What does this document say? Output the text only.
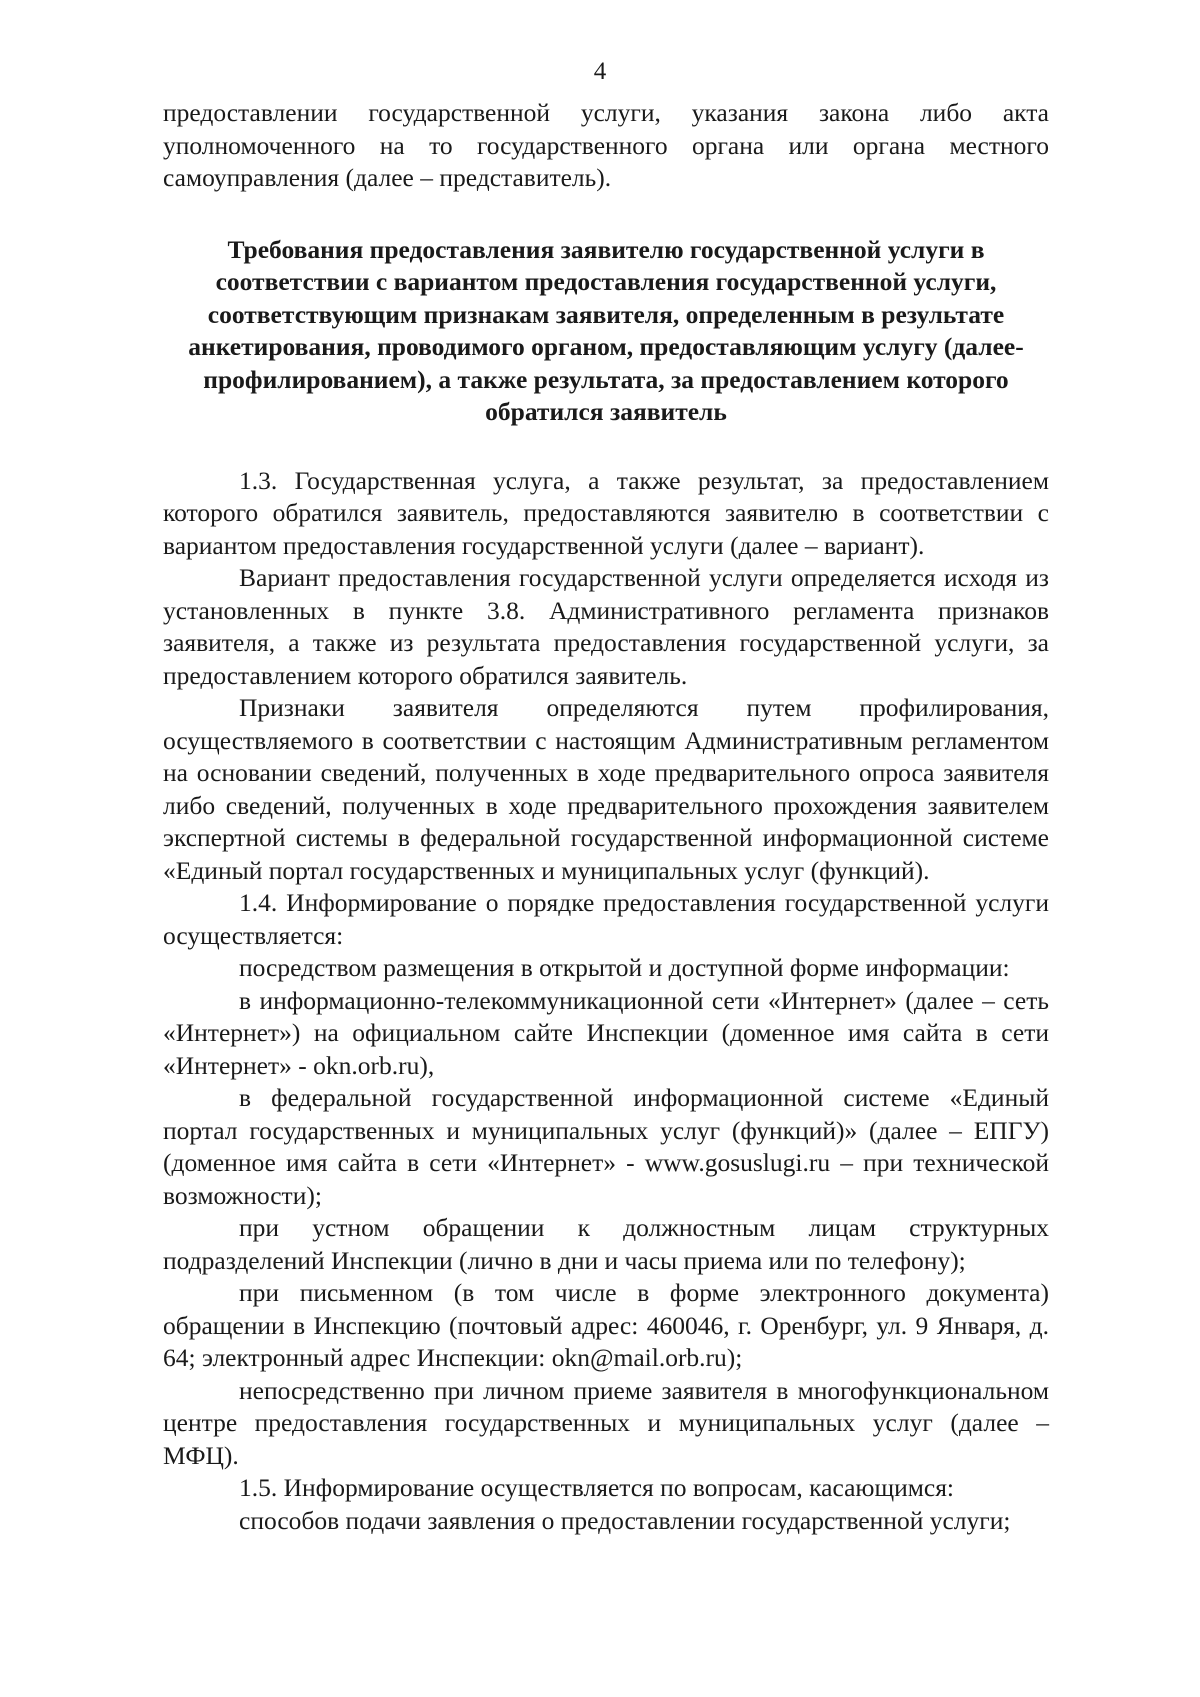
4

предоставлении государственной услуги, указания закона либо акта уполномоченного на то государственного органа или органа местного самоуправления (далее – представитель).

Требования предоставления заявителю государственной услуги в
соответствии с вариантом предоставления государственной услуги,
соответствующим признакам заявителя, определенным в результате
анкетирования, проводимого органом, предоставляющим услугу (далее-
профилированием), а также результата, за предоставлением которого
обратился заявитель

1.3. Государственная услуга, а также результат, за предоставлением которого обратился заявитель, предоставляются заявителю в соответствии с вариантом предоставления государственной услуги (далее – вариант).

Вариант предоставления государственной услуги определяется исходя из установленных в пункте 3.8. Административного регламента признаков заявителя, а также из результата предоставления государственной услуги, за предоставлением которого обратился заявитель.

Признаки заявителя определяются путем профилирования, осуществляемого в соответствии с настоящим Административным регламентом на основании сведений, полученных в ходе предварительного опроса заявителя либо сведений, полученных в ходе предварительного прохождения заявителем экспертной системы в федеральной государственной информационной системе «Единый портал государственных и муниципальных услуг (функций).

1.4. Информирование о порядке предоставления государственной услуги осуществляется:

посредством размещения в открытой и доступной форме информации:

в информационно-телекоммуникационной сети «Интернет» (далее – сеть «Интернет») на официальном сайте Инспекции (доменное имя сайта в сети «Интернет» - okn.orb.ru),

в федеральной государственной информационной системе «Единый портал государственных и муниципальных услуг (функций)» (далее – ЕПГУ) (доменное имя сайта в сети «Интернет» - www.gosuslugi.ru – при технической возможности);

при устном обращении к должностным лицам структурных подразделений Инспекции (лично в дни и часы приема или по телефону);

при письменном (в том числе в форме электронного документа) обращении в Инспекцию (почтовый адрес: 460046, г. Оренбург, ул. 9 Января, д. 64; электронный адрес Инспекции: okn@mail.orb.ru);

непосредственно при личном приеме заявителя в многофункциональном центре предоставления государственных и муниципальных услуг (далее – МФЦ).

1.5. Информирование осуществляется по вопросам, касающимся:

способов подачи заявления о предоставлении государственной услуги;
